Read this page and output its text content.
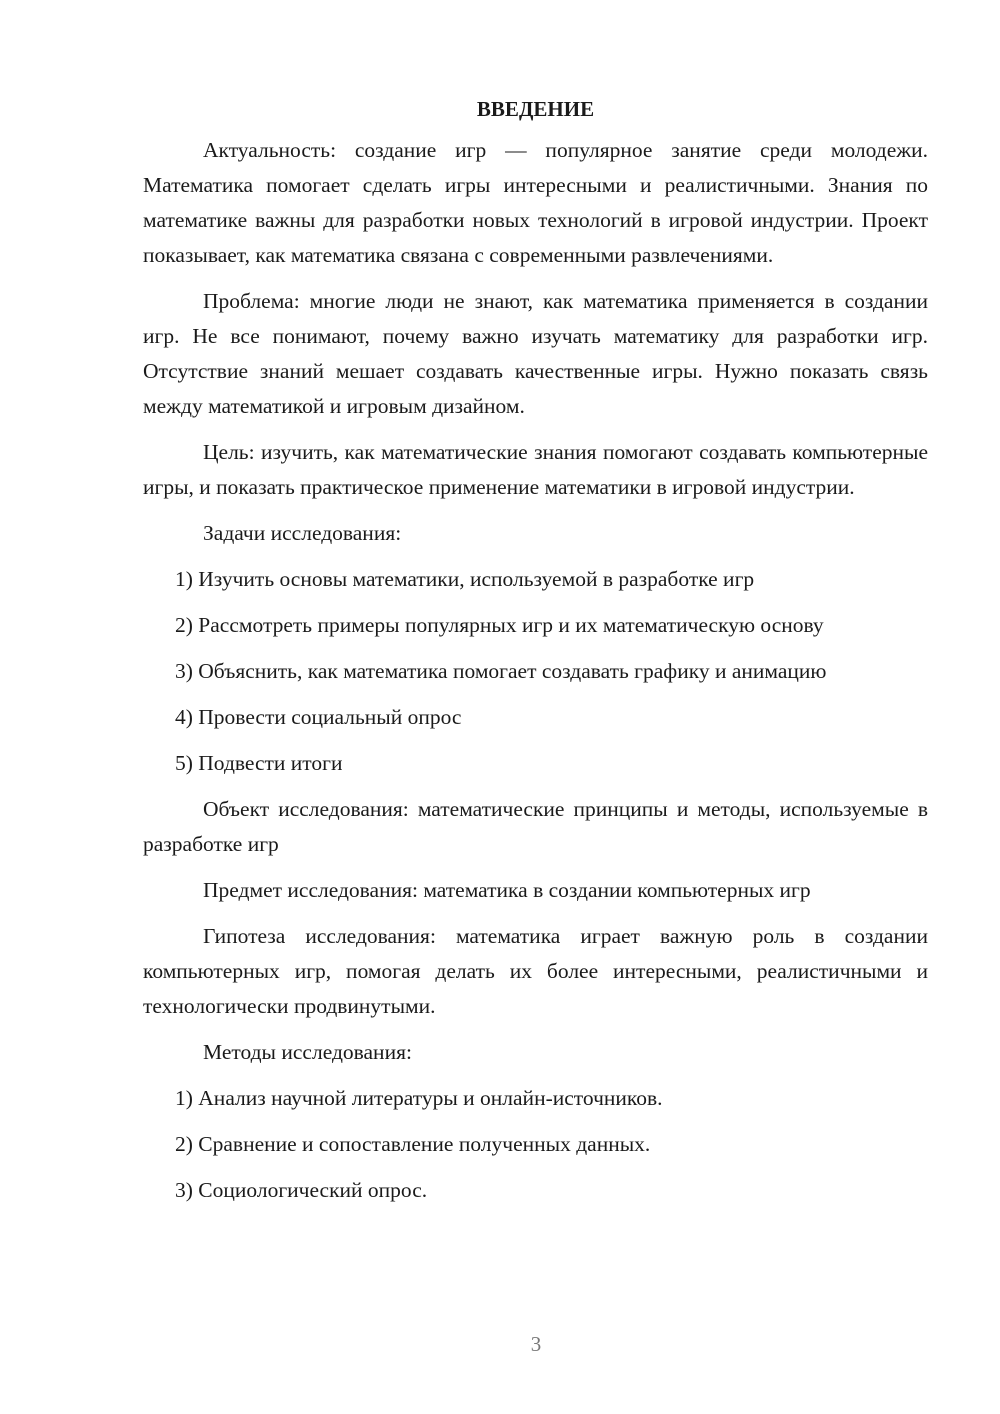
ВВЕДЕНИЕ

Актуальность: создание игр — популярное занятие среди молодежи. Математика помогает сделать игры интересными и реалистичными. Знания по математике важны для разработки новых технологий в игровой индустрии. Проект показывает, как математика связана с современными развлечениями.

Проблема: многие люди не знают, как математика применяется в создании игр. Не все понимают, почему важно изучать математику для разработки игр. Отсутствие знаний мешает создавать качественные игры. Нужно показать связь между математикой и игровым дизайном.

Цель: изучить, как математические знания помогают создавать компьютерные игры, и показать практическое применение математики в игровой индустрии.

Задачи исследования:

1) Изучить основы математики, используемой в разработке игр

2) Рассмотреть примеры популярных игр и их математическую основу

3) Объяснить, как математика помогает создавать графику и анимацию

4) Провести социальный опрос

5) Подвести итоги

Объект исследования: математические принципы и методы, используемые в разработке игр

Предмет исследования: математика в создании компьютерных игр

Гипотеза исследования: математика играет важную роль в создании компьютерных игр, помогая делать их более интересными, реалистичными и технологически продвинутыми.

Методы исследования:

1) Анализ научной литературы и онлайн-источников.

2) Сравнение и сопоставление полученных данных.

3) Социологический опрос.

3
